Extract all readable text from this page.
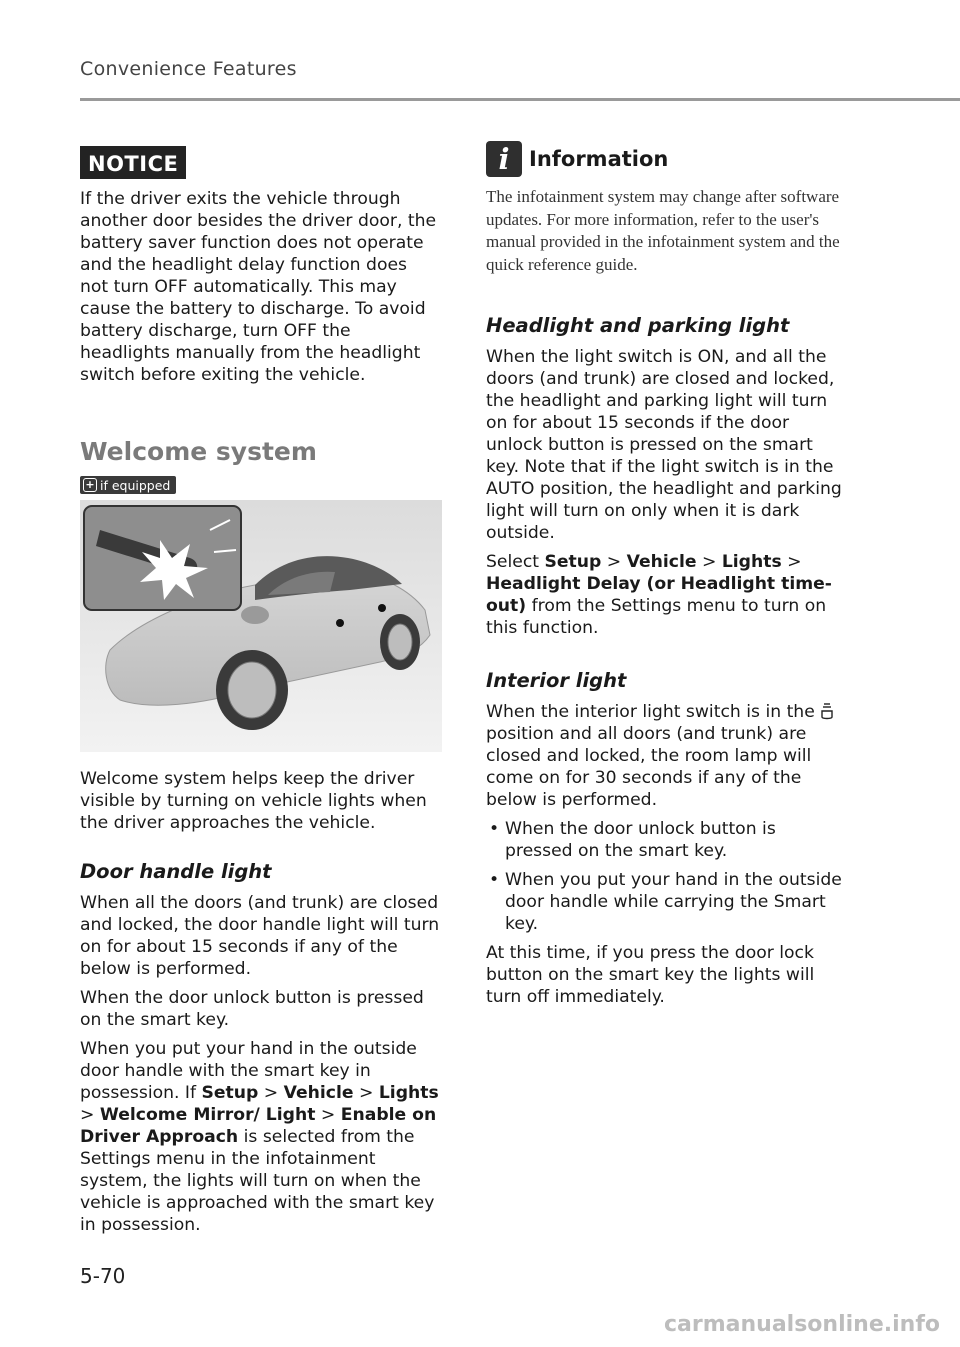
Convenience Features
NOTICE

If the driver exits the vehicle through another door besides the driver door, the battery saver function does not operate and the headlight delay function does not turn OFF automatically. This may cause the battery to discharge. To avoid battery discharge, turn OFF the headlights manually from the headlight switch before exiting the vehicle.

Welcome system
+ if equipped

Welcome system helps keep the driver visible by turning on vehicle lights when the driver approaches the vehicle.

Door handle light

When all the doors (and trunk) are closed and locked, the door handle light will turn on for about 15 seconds if any of the below is performed.

When the door unlock button is pressed on the smart key.

When you put your hand in the outside door handle with the smart key in possession. If Setup > Vehicle > Lights > Welcome Mirror/ Light > Enable on Driver Approach is selected from the Settings menu in the infotainment system, the lights will turn on when the vehicle is approached with the smart key in possession.

i Information

The infotainment system may change after software updates. For more information, refer to the user's manual provided in the infotainment system and the quick reference guide.

Headlight and parking light

When the light switch is ON, and all the doors (and trunk) are closed and locked, the headlight and parking light will turn on for about 15 seconds if the door unlock button is pressed on the smart key. Note that if the light switch is in the AUTO position, the headlight and parking light will turn on only when it is dark outside.

Select Setup > Vehicle > Lights > Headlight Delay (or Headlight time-out) from the Settings menu to turn on this function.

Interior light

When the interior light switch is in the position and all doors (and trunk) are closed and locked, the room lamp will come on for 30 seconds if any of the below is performed.

• When the door unlock button is pressed on the smart key.
• When you put your hand in the outside door handle while carrying the Smart key.

At this time, if you press the door lock button on the smart key the lights will turn off immediately.

5-70
carmanualsonline.info
